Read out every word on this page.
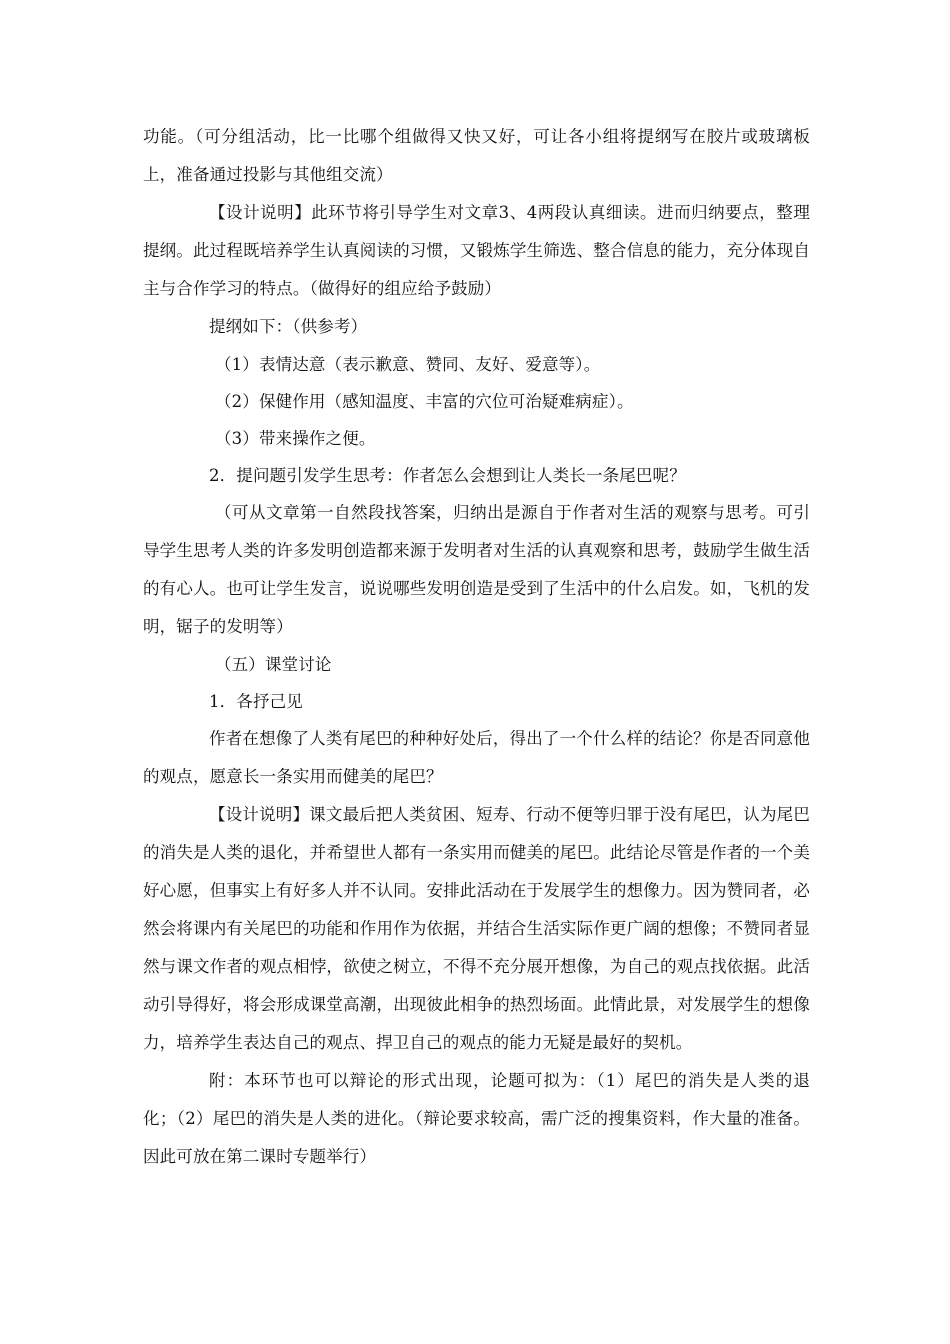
功能。（可分组活动，比一比哪个组做得又快又好，可让各小组将提纲写在胶片或玻璃板上，准备通过投影与其他组交流）

【设计说明】此环节将引导学生对文章3、4两段认真细读。进而归纳要点，整理提纲。此过程既培养学生认真阅读的习惯，又锻炼学生筛选、整合信息的能力，充分体现自主与合作学习的特点。（做得好的组应给予鼓励）

提纲如下：（供参考）

（1）表情达意（表示歉意、赞同、友好、爱意等）。

（2）保健作用（感知温度、丰富的穴位可治疑难病症）。

（3）带来操作之便。

2．提问题引发学生思考：作者怎么会想到让人类长一条尾巴呢？

（可从文章第一自然段找答案，归纳出是源自于作者对生活的观察与思考。可引导学生思考人类的许多发明创造都来源于发明者对生活的认真观察和思考，鼓励学生做生活的有心人。也可让学生发言，说说哪些发明创造是受到了生活中的什么启发。如，飞机的发明，锯子的发明等）

（五）课堂讨论

1．各抒己见

作者在想像了人类有尾巴的种种好处后，得出了一个什么样的结论？你是否同意他的观点，愿意长一条实用而健美的尾巴？

【设计说明】课文最后把人类贫困、短寿、行动不便等归罪于没有尾巴，认为尾巴的消失是人类的退化，并希望世人都有一条实用而健美的尾巴。此结论尽管是作者的一个美好心愿，但事实上有好多人并不认同。安排此活动在于发展学生的想像力。因为赞同者，必然会将课内有关尾巴的功能和作用作为依据，并结合生活实际作更广阔的想像；不赞同者显然与课文作者的观点相悖，欲使之树立，不得不充分展开想像，为自己的观点找依据。此活动引导得好，将会形成课堂高潮，出现彼此相争的热烈场面。此情此景，对发展学生的想像力，培养学生表达自己的观点、捍卫自己的观点的能力无疑是最好的契机。

附：本环节也可以辩论的形式出现，论题可拟为：（1）尾巴的消失是人类的退化；（2）尾巴的消失是人类的进化。（辩论要求较高，需广泛的搜集资料，作大量的准备。因此可放在第二课时专题举行）
